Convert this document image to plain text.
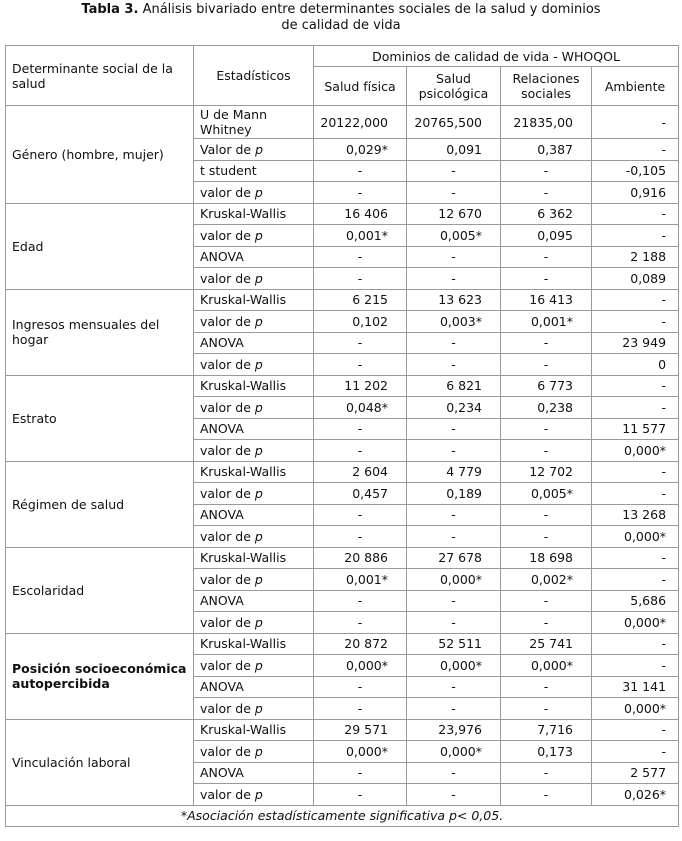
Tabla 3. Análisis bivariado entre determinantes sociales de la salud y dominios
de calidad de vida
Determinante social de la salud	Estadísticos	Dominios de calidad de vida - WHOQOL			
		Salud física	Salud psicológica	Relaciones sociales	Ambiente
Género (hombre, mujer)	U de Mann Whitney	20122,000	20765,500	21835,00	-
	Valor de p	0,029*	0,091	0,387	-
	t student	-	-	-	-0,105
	valor de p	-	-	-	0,916
Edad	Kruskal-Wallis	16 406	12 670	6 362	-
	valor de p	0,001*	0,005*	0,095	-
	ANOVA	-	-	-	2 188
	valor de p	-	-	-	0,089
Ingresos mensuales del hogar	Kruskal-Wallis	6 215	13 623	16 413	-
	valor de p	0,102	0,003*	0,001*	-
	ANOVA	-	-	-	23 949
	valor de p	-	-	-	0
Estrato	Kruskal-Wallis	11 202	6 821	6 773	-
	valor de p	0,048*	0,234	0,238	-
	ANOVA	-	-	-	11 577
	valor de p	-	-	-	0,000*
Régimen de salud	Kruskal-Wallis	2 604	4 779	12 702	-
	valor de p	0,457	0,189	0,005*	-
	ANOVA	-	-	-	13 268
	valor de p	-	-	-	0,000*
Escolaridad	Kruskal-Wallis	20 886	27 678	18 698	-
	valor de p	0,001*	0,000*	0,002*	-
	ANOVA	-	-	-	5,686
	valor de p	-	-	-	0,000*
Posición socioeconómica autopercibida	Kruskal-Wallis	20 872	52 511	25 741	-
	valor de p	0,000*	0,000*	0,000*	-
	ANOVA	-	-	-	31 141
	valor de p	-	-	-	0,000*
Vinculación laboral	Kruskal-Wallis	29 571	23,976	7,716	-
	valor de p	0,000*	0,000*	0,173	-
	ANOVA	-	-	-	2 577
	valor de p	-	-	-	0,026*
*Asociación estadísticamente significativa p< 0,05.					
